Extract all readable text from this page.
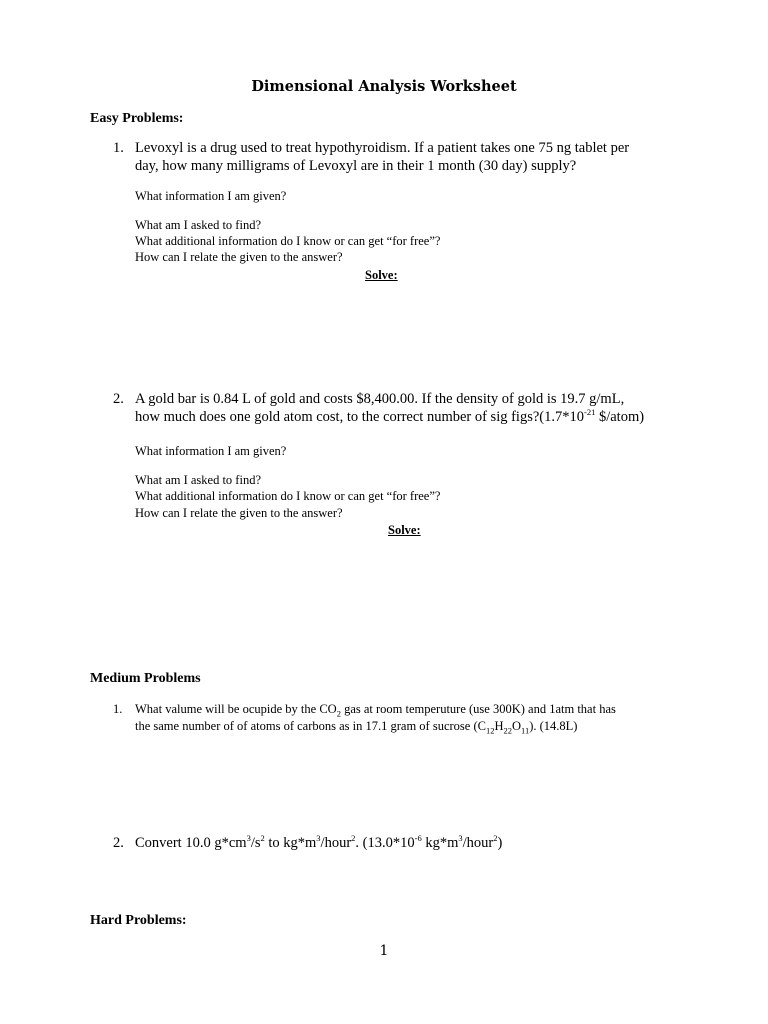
Dimensional Analysis Worksheet
Easy Problems:
1. Levoxyl is a drug used to treat hypothyroidism. If a patient takes one 75 ng tablet per
day, how many milligrams of Levoxyl are in their 1 month (30 day) supply?
What information I am given?
What am I asked to find?
What additional information do I know or can get “for free”?
How can I relate the given to the answer?
Solve:
2. A gold bar is 0.84 L of gold and costs $8,400.00. If the density of gold is 19.7 g/mL,
how much does one gold atom cost, to the correct number of sig $figs?(1.7*10^{-21}$ $/atom)
What information I am given?
What am I asked to find?
What additional information do I know or can get “for free”?
How can I relate the given to the answer?
Solve:
Medium Problems
1. What valume will be ocupide by the $CO_2$ gas at room temperuture (use 300K) and 1atm that has
the same number of of atoms of carbons as in 17.1 gram of sucrose $(C_{12}H_{22}O_{11})$. (14.8L)
2. Convert 10.0 $g*cm^3/s^2$ to $kg*m^3/hour^2$. ($13.0*10^{-6}$ $kg*m^3/hour^2$)
Hard Problems:
1
